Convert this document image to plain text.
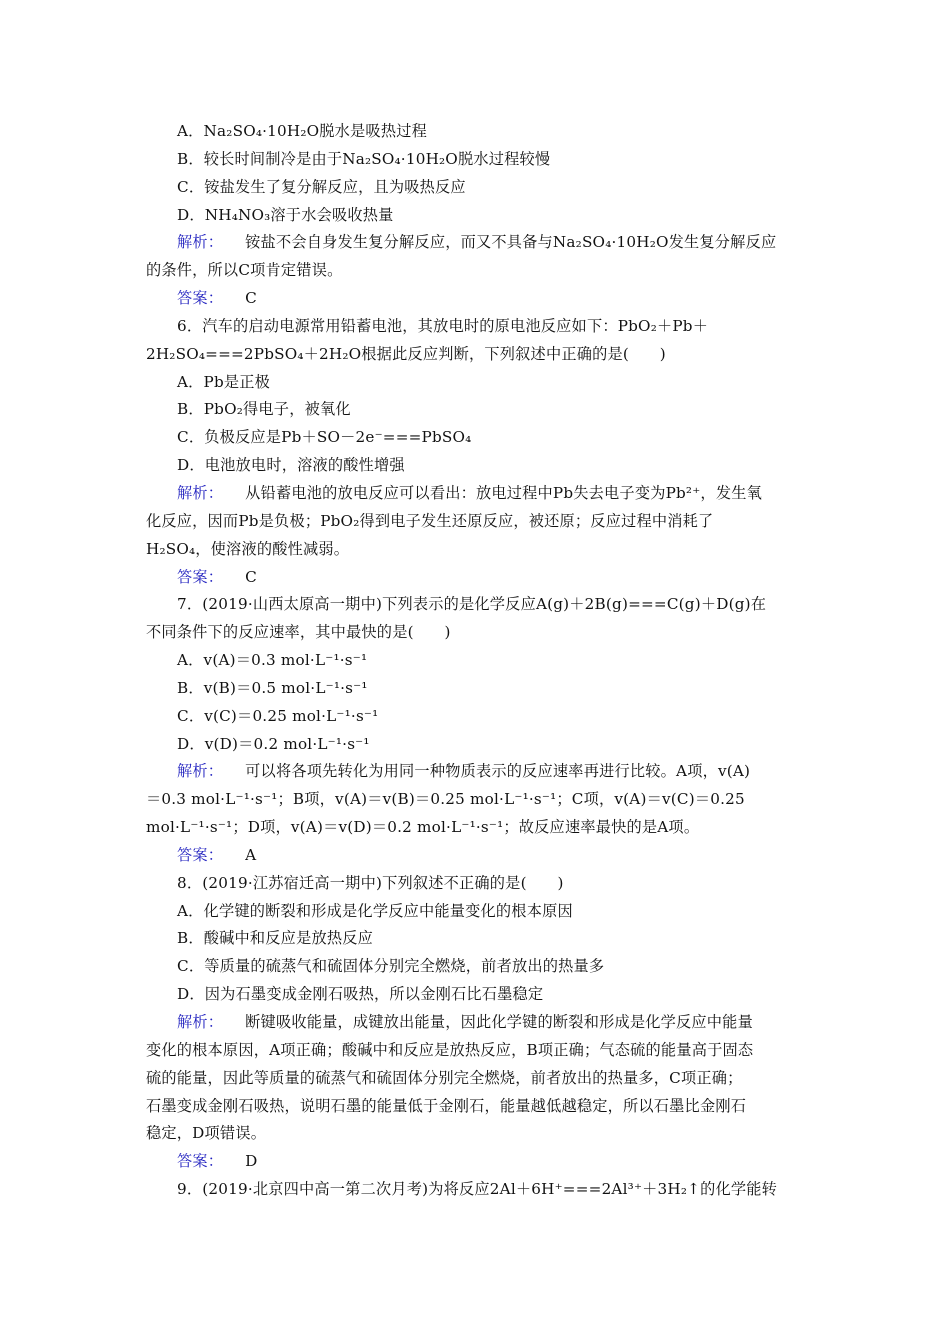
A．Na₂SO₄·10H₂O脱水是吸热过程
B．较长时间制冷是由于Na₂SO₄·10H₂O脱水过程较慢
C．铵盐发生了复分解反应，且为吸热反应
D．NH₄NO₃溶于水会吸收热量
解析： 铵盐不会自身发生复分解反应，而又不具备与Na₂SO₄·10H₂O发生复分解反应
的条件，所以C项肯定错误。
答案： C
6．汽车的启动电源常用铅蓄电池，其放电时的原电池反应如下：PbO₂＋Pb＋
2H₂SO₄===2PbSO₄＋2H₂O根据此反应判断，下列叙述中正确的是(　　)
A．Pb是正极
B．PbO₂得电子，被氧化
C．负极反应是Pb＋SO－2e⁻===PbSO₄
D．电池放电时，溶液的酸性增强
解析： 从铅蓄电池的放电反应可以看出：放电过程中Pb失去电子变为Pb²⁺，发生氧
化反应，因而Pb是负极；PbO₂得到电子发生还原反应，被还原；反应过程中消耗了
H₂SO₄，使溶液的酸性减弱。
答案： C
7．(2019·山西太原高一期中)下列表示的是化学反应A(g)＋2B(g)===C(g)＋D(g)在
不同条件下的反应速率，其中最快的是(　　)
A．v(A)＝0.3 mol·L⁻¹·s⁻¹
B．v(B)＝0.5 mol·L⁻¹·s⁻¹
C．v(C)＝0.25 mol·L⁻¹·s⁻¹
D．v(D)＝0.2 mol·L⁻¹·s⁻¹
解析： 可以将各项先转化为用同一种物质表示的反应速率再进行比较。A项，v(A)
＝0.3 mol·L⁻¹·s⁻¹；B项，v(A)＝v(B)＝0.25 mol·L⁻¹·s⁻¹；C项，v(A)＝v(C)＝0.25
mol·L⁻¹·s⁻¹；D项，v(A)＝v(D)＝0.2 mol·L⁻¹·s⁻¹；故反应速率最快的是A项。
答案： A
8．(2019·江苏宿迁高一期中)下列叙述不正确的是(　　)
A．化学键的断裂和形成是化学反应中能量变化的根本原因
B．酸碱中和反应是放热反应
C．等质量的硫蒸气和硫固体分别完全燃烧，前者放出的热量多
D．因为石墨变成金刚石吸热，所以金刚石比石墨稳定
解析： 断键吸收能量，成键放出能量，因此化学键的断裂和形成是化学反应中能量
变化的根本原因，A项正确；酸碱中和反应是放热反应，B项正确；气态硫的能量高于固态
硫的能量，因此等质量的硫蒸气和硫固体分别完全燃烧，前者放出的热量多，C项正确；
石墨变成金刚石吸热，说明石墨的能量低于金刚石，能量越低越稳定，所以石墨比金刚石
稳定，D项错误。
答案： D
9．(2019·北京四中高一第二次月考)为将反应2Al＋6H⁺===2Al³⁺＋3H₂↑的化学能转
